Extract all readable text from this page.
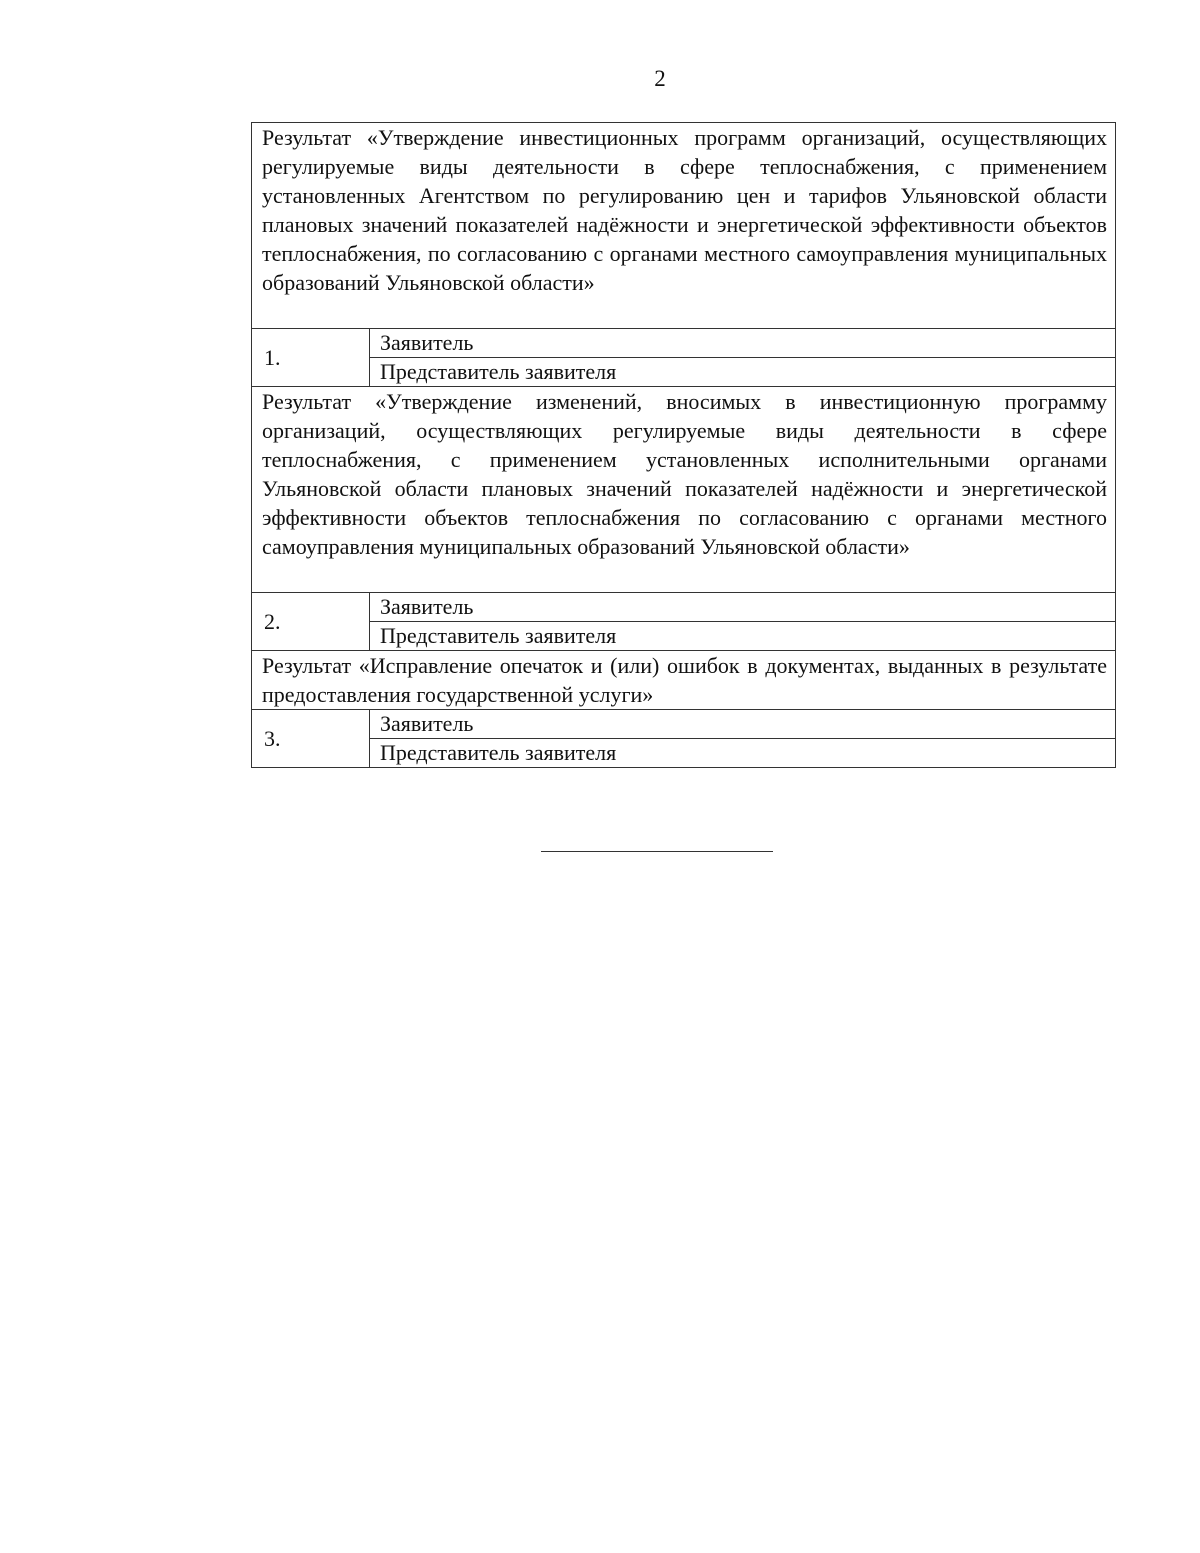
2
Результат «Утверждение инвестиционных программ организаций, осуществляющих регулируемые виды деятельности в сфере теплоснабжения, с применением установленных Агентством по регулированию цен и тарифов Ульяновской области плановых значений показателей надёжности и энергетической эффективности объектов теплоснабжения, по согласованию с органами местного самоуправления муниципальных образований Ульяновской области»	
1.	Заявитель
	Представитель заявителя
Результат «Утверждение изменений, вносимых в инвестиционную программу организаций, осуществляющих регулируемые виды деятельности в сфере теплоснабжения, с применением установленных исполнительными органами Ульяновской области плановых значений показателей надёжности и энергетической эффективности объектов теплоснабжения по согласованию с органами местного самоуправления муниципальных образований Ульяновской области»	
2.	Заявитель
	Представитель заявителя
Результат «Исправление опечаток и (или) ошибок в документах, выданных в результате предоставления государственной услуги»	
3.	Заявитель
	Представитель заявителя
